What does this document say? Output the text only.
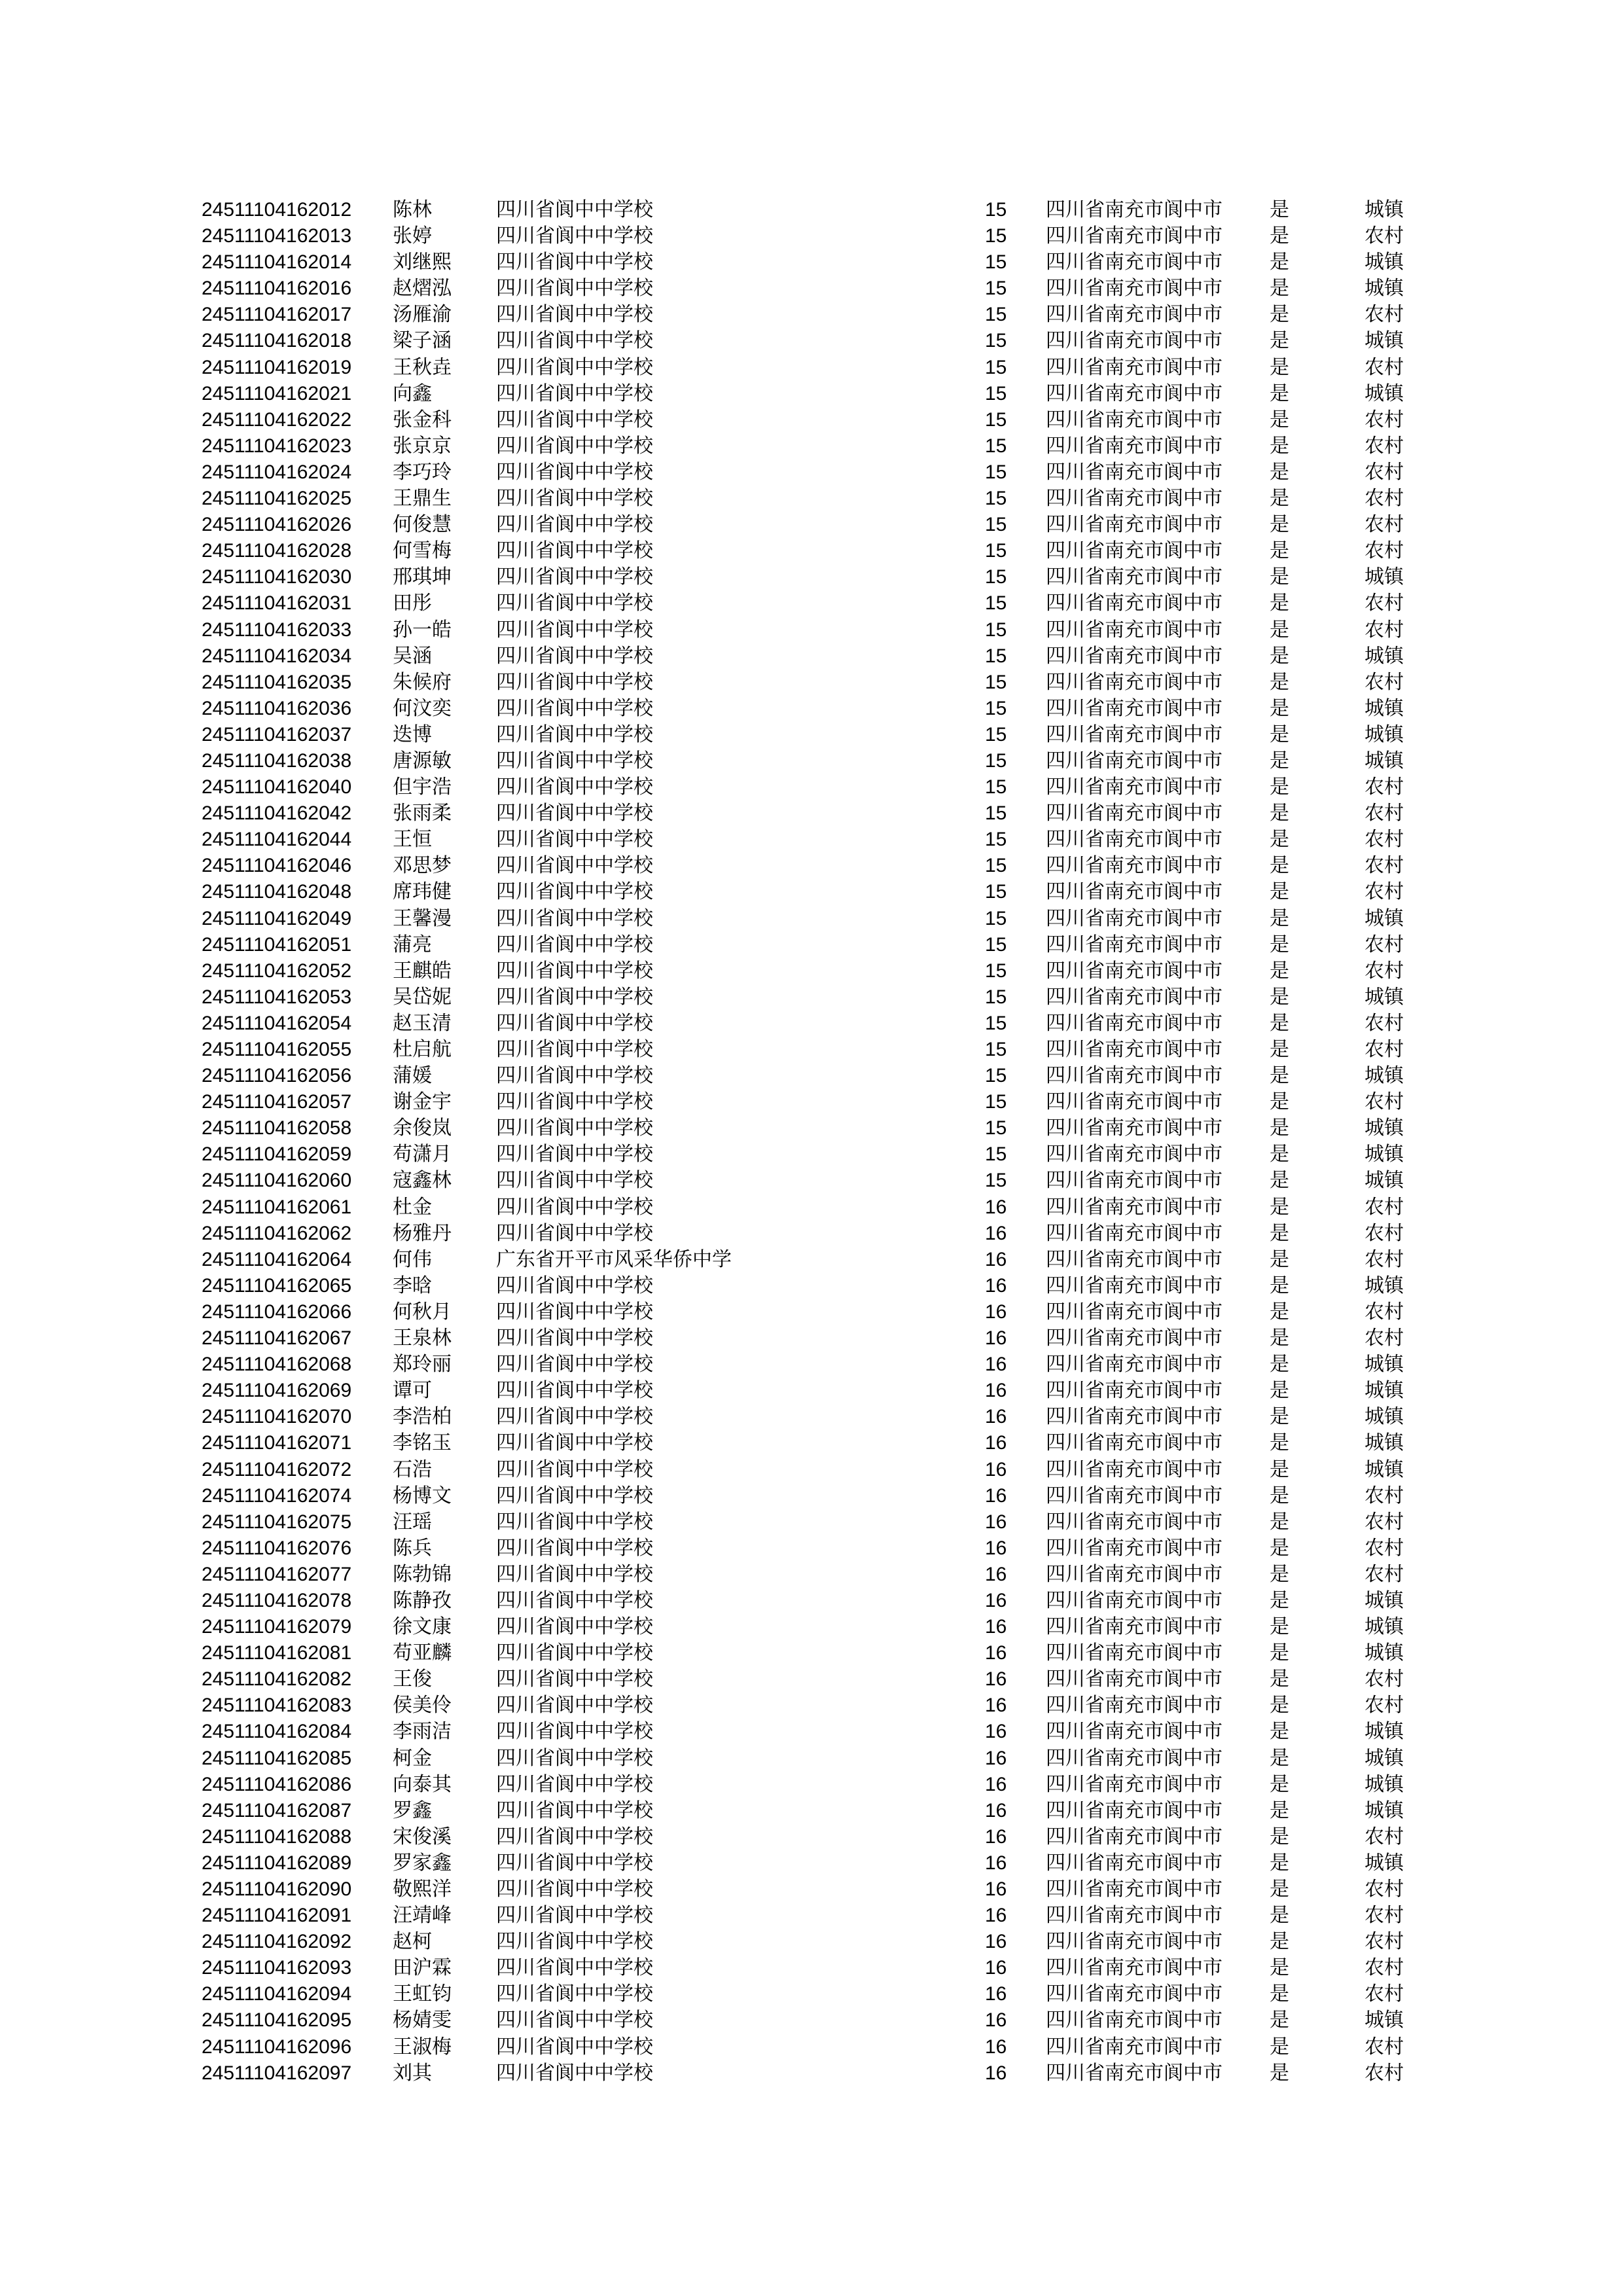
24511104162012 陈林	四川省阆中中学校	15 四川省南充市阆中市 是	城镇
24511104162013 张婷	四川省阆中中学校	15 四川省南充市阆中市 是	农村
24511104162014 刘继熙 四川省阆中中学校	15 四川省南充市阆中市 是	城镇
24511104162016 赵熠泓 四川省阆中中学校	15 四川省南充市阆中市 是	城镇
24511104162017 汤雁渝 四川省阆中中学校	15 四川省南充市阆中市 是	农村
24511104162018 梁子涵 四川省阆中中学校	15 四川省南充市阆中市 是	城镇
24511104162019 王秋垚 四川省阆中中学校	15 四川省南充市阆中市 是	农村
24511104162021 向鑫	四川省阆中中学校	15 四川省南充市阆中市 是	城镇
24511104162022 张金科 四川省阆中中学校	15 四川省南充市阆中市 是	农村
24511104162023 张京京 四川省阆中中学校	15 四川省南充市阆中市 是	农村
24511104162024 李巧玲 四川省阆中中学校	15 四川省南充市阆中市 是	农村
24511104162025 王鼎生 四川省阆中中学校	15 四川省南充市阆中市 是	农村
24511104162026 何俊慧 四川省阆中中学校	15 四川省南充市阆中市 是	农村
24511104162028 何雪梅 四川省阆中中学校	15 四川省南充市阆中市 是	农村
24511104162030 邢琪坤 四川省阆中中学校	15 四川省南充市阆中市 是	城镇
24511104162031 田彤	四川省阆中中学校	15 四川省南充市阆中市 是	农村
24511104162033 孙一皓 四川省阆中中学校	15 四川省南充市阆中市 是	农村
24511104162034 吴涵	四川省阆中中学校	15 四川省南充市阆中市 是	城镇
24511104162035 朱候府 四川省阆中中学校	15 四川省南充市阆中市 是	农村
24511104162036 何汶奕 四川省阆中中学校	15 四川省南充市阆中市 是	城镇
24511104162037 迭博	四川省阆中中学校	15 四川省南充市阆中市 是	城镇
24511104162038 唐源敏 四川省阆中中学校	15 四川省南充市阆中市 是	城镇
24511104162040 但宇浩 四川省阆中中学校	15 四川省南充市阆中市 是	农村
24511104162042 张雨柔 四川省阆中中学校	15 四川省南充市阆中市 是	农村
24511104162044 王恒	四川省阆中中学校	15 四川省南充市阆中市 是	农村
24511104162046 邓思梦 四川省阆中中学校	15 四川省南充市阆中市 是	农村
24511104162048 席玮健 四川省阆中中学校	15 四川省南充市阆中市 是	农村
24511104162049 王馨漫 四川省阆中中学校	15 四川省南充市阆中市 是	城镇
24511104162051 蒲亮	四川省阆中中学校	15 四川省南充市阆中市 是	农村
24511104162052 王麒皓 四川省阆中中学校	15 四川省南充市阆中市 是	农村
24511104162053 吴岱妮 四川省阆中中学校	15 四川省南充市阆中市 是	城镇
24511104162054 赵玉清 四川省阆中中学校	15 四川省南充市阆中市 是	农村
24511104162055 杜启航 四川省阆中中学校	15 四川省南充市阆中市 是	农村
24511104162056 蒲媛	四川省阆中中学校	15 四川省南充市阆中市 是	城镇
24511104162057 谢金宇 四川省阆中中学校	15 四川省南充市阆中市 是	农村
24511104162058 余俊岚 四川省阆中中学校	15 四川省南充市阆中市 是	城镇
24511104162059 苟潇月 四川省阆中中学校	15 四川省南充市阆中市 是	城镇
24511104162060 寇鑫林 四川省阆中中学校	15 四川省南充市阆中市 是	城镇
24511104162061 杜金	四川省阆中中学校	16 四川省南充市阆中市 是	农村
24511104162062 杨雅丹 四川省阆中中学校	16 四川省南充市阆中市 是	农村
24511104162064 何伟	广东省开平市风采华侨中学	16 四川省南充市阆中市 是	农村
24511104162065 李晗	四川省阆中中学校	16 四川省南充市阆中市 是	城镇
24511104162066 何秋月 四川省阆中中学校	16 四川省南充市阆中市 是	农村
24511104162067 王泉林 四川省阆中中学校	16 四川省南充市阆中市 是	农村
24511104162068 郑玲丽 四川省阆中中学校	16 四川省南充市阆中市 是	城镇
24511104162069 谭可	四川省阆中中学校	16 四川省南充市阆中市 是	城镇
24511104162070 李浩柏 四川省阆中中学校	16 四川省南充市阆中市 是	城镇
24511104162071 李铭玉 四川省阆中中学校	16 四川省南充市阆中市 是	城镇
24511104162072 石浩	四川省阆中中学校	16 四川省南充市阆中市 是	城镇
24511104162074 杨博文 四川省阆中中学校	16 四川省南充市阆中市 是	农村
24511104162075 汪瑶	四川省阆中中学校	16 四川省南充市阆中市 是	农村
24511104162076 陈兵	四川省阆中中学校	16 四川省南充市阆中市 是	农村
24511104162077 陈勃锦 四川省阆中中学校	16 四川省南充市阆中市 是	农村
24511104162078 陈静孜 四川省阆中中学校	16 四川省南充市阆中市 是	城镇
24511104162079 徐文康 四川省阆中中学校	16 四川省南充市阆中市 是	城镇
24511104162081 苟亚麟 四川省阆中中学校	16 四川省南充市阆中市 是	城镇
24511104162082 王俊	四川省阆中中学校	16 四川省南充市阆中市 是	农村
24511104162083 侯美伶 四川省阆中中学校	16 四川省南充市阆中市 是	农村
24511104162084 李雨洁 四川省阆中中学校	16 四川省南充市阆中市 是	城镇
24511104162085 柯金	四川省阆中中学校	16 四川省南充市阆中市 是	城镇
24511104162086 向泰其 四川省阆中中学校	16 四川省南充市阆中市 是	城镇
24511104162087 罗鑫	四川省阆中中学校	16 四川省南充市阆中市 是	城镇
24511104162088 宋俊溪 四川省阆中中学校	16 四川省南充市阆中市 是	农村
24511104162089 罗家鑫 四川省阆中中学校	16 四川省南充市阆中市 是	城镇
24511104162090 敬熙洋 四川省阆中中学校	16 四川省南充市阆中市 是	农村
24511104162091 汪靖峰 四川省阆中中学校	16 四川省南充市阆中市 是	农村
24511104162092 赵柯	四川省阆中中学校	16 四川省南充市阆中市 是	农村
24511104162093 田沪霖 四川省阆中中学校	16 四川省南充市阆中市 是	农村
24511104162094 王虹钧 四川省阆中中学校	16 四川省南充市阆中市 是	农村
24511104162095 杨婧雯 四川省阆中中学校	16 四川省南充市阆中市 是	城镇
24511104162096 王淑梅 四川省阆中中学校	16 四川省南充市阆中市 是	农村
24511104162097 刘其	四川省阆中中学校	16 四川省南充市阆中市 是	农村
